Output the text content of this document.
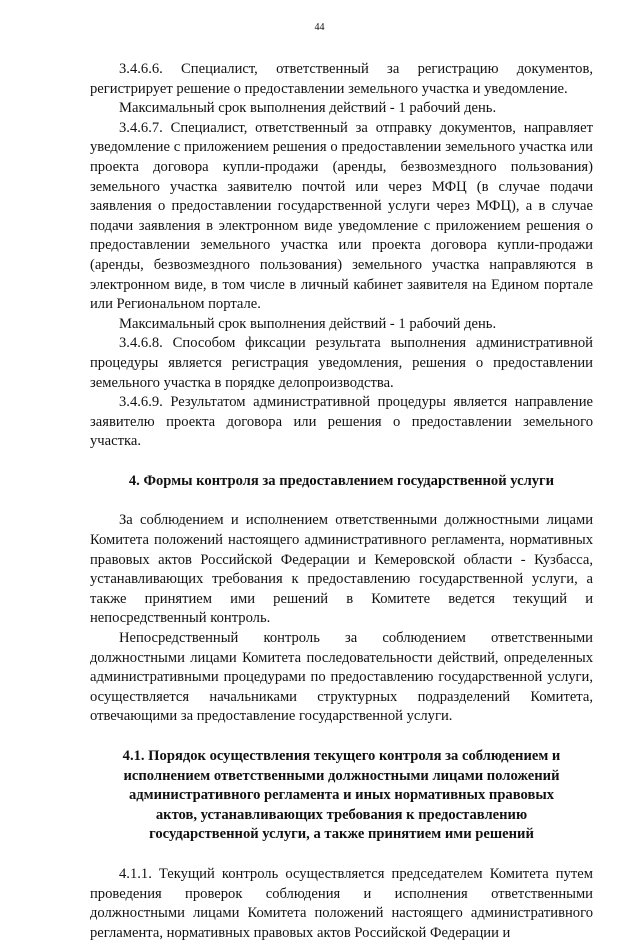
44

3.4.6.6. Специалист, ответственный за регистрацию документов, регистрирует решение о предоставлении земельного участка и уведомление.

Максимальный срок выполнения действий - 1 рабочий день.

3.4.6.7. Специалист, ответственный за отправку документов, направляет уведомление с приложением решения о предоставлении земельного участка или проекта договора купли-продажи (аренды, безвозмездного пользования) земельного участка заявителю почтой или через МФЦ (в случае подачи заявления о предоставлении государственной услуги через МФЦ), а в случае подачи заявления в электронном виде уведомление с приложением решения о предоставлении земельного участка или проекта договора купли-продажи (аренды, безвозмездного пользования) земельного участка направляются в электронном виде, в том числе в личный кабинет заявителя на Едином портале или Региональном портале.

Максимальный срок выполнения действий - 1 рабочий день.

3.4.6.8. Способом фиксации результата выполнения административной процедуры является регистрация уведомления, решения о предоставлении земельного участка в порядке делопроизводства.

3.4.6.9. Результатом административной процедуры является направление заявителю проекта договора или решения о предоставлении земельного участка.

4. Формы контроля за предоставлением государственной услуги

За соблюдением и исполнением ответственными должностными лицами Комитета положений настоящего административного регламента, нормативных правовых актов Российской Федерации и Кемеровской области - Кузбасса, устанавливающих требования к предоставлению государственной услуги, а также принятием ими решений в Комитете ведется текущий и непосредственный контроль.

Непосредственный контроль за соблюдением ответственными должностными лицами Комитета последовательности действий, определенных административными процедурами по предоставлению государственной услуги, осуществляется начальниками структурных подразделений Комитета, отвечающими за предоставление государственной услуги.

4.1. Порядок осуществления текущего контроля за соблюдением и исполнением ответственными должностными лицами положений административного регламента и иных нормативных правовых актов, устанавливающих требования к предоставлению государственной услуги, а также принятием ими решений

4.1.1. Текущий контроль осуществляется председателем Комитета путем проведения проверок соблюдения и исполнения ответственными должностными лицами Комитета положений настоящего административного регламента, нормативных правовых актов Российской Федерации и
